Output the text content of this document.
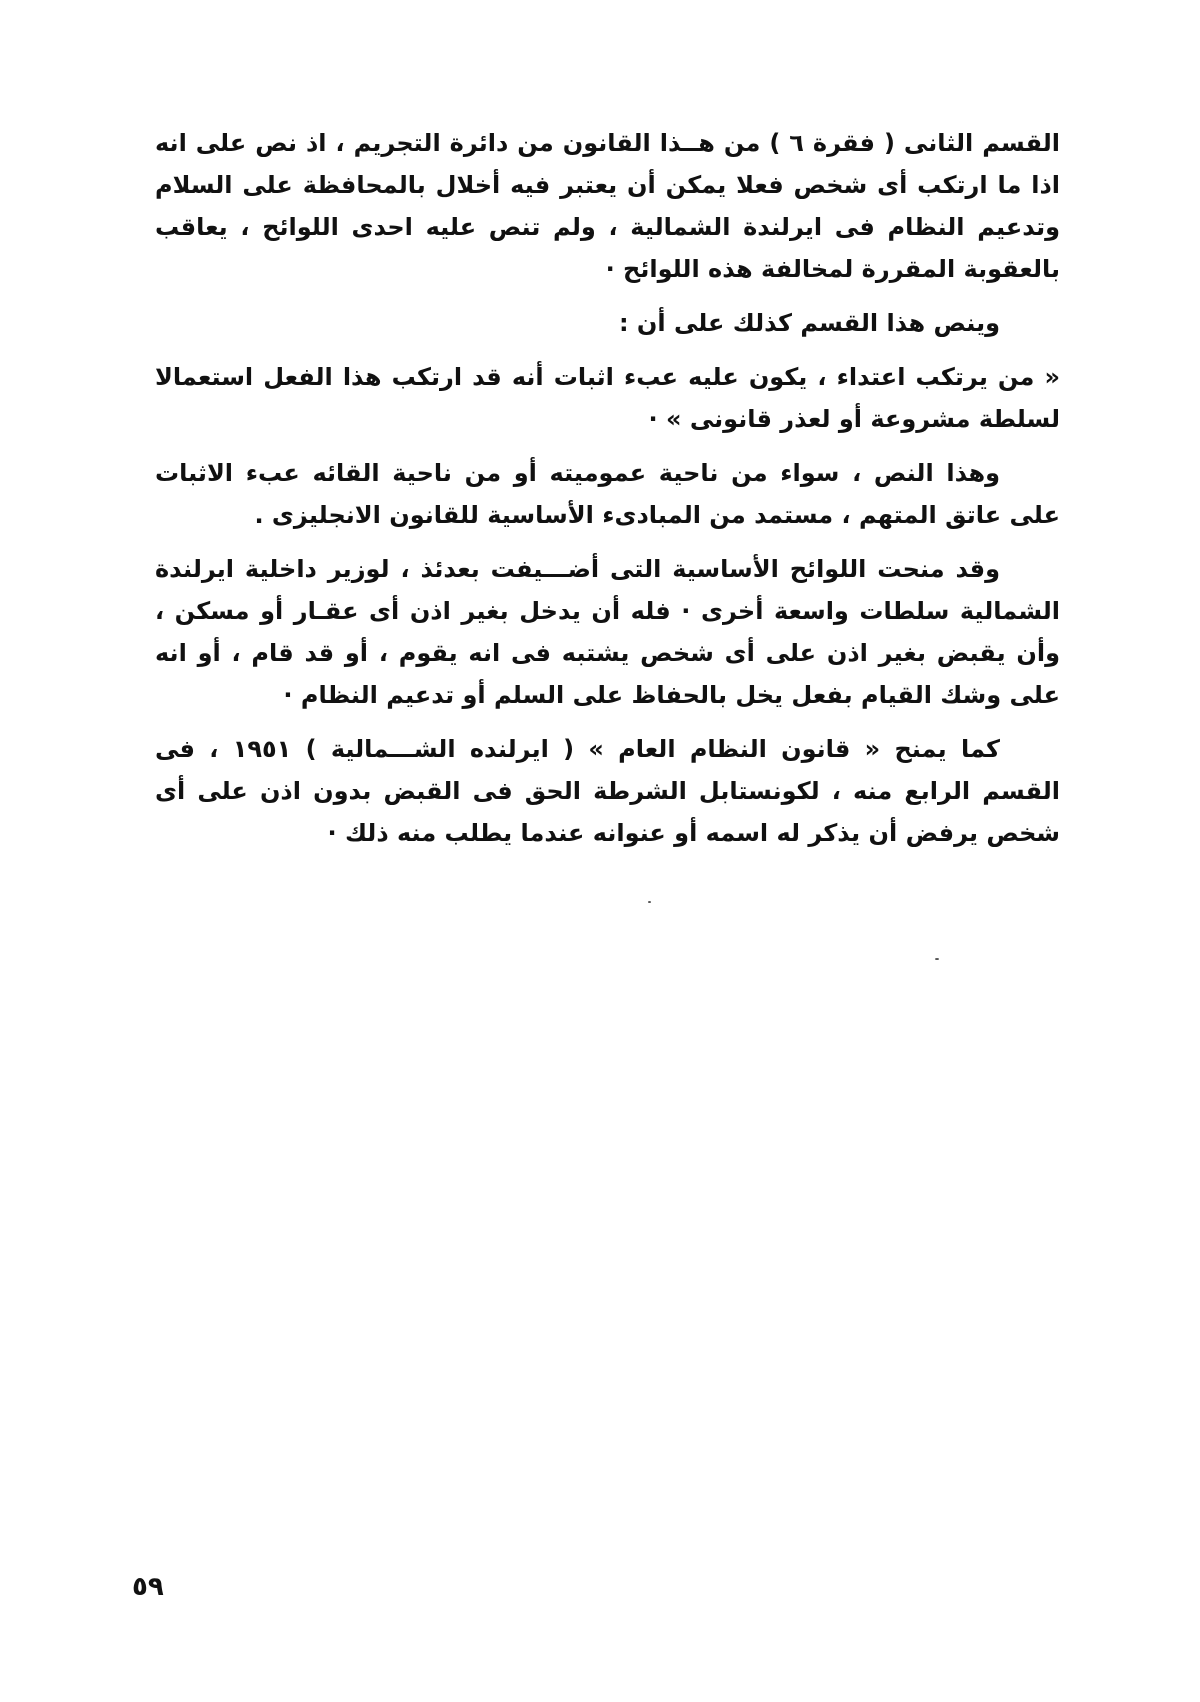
القسم الثانى ( فقرة ٦ ) من هــذا القانون من دائرة التجريم ، اذ نص على انه اذا ما ارتكب أى شخص فعلا يمكن أن يعتبر فيه أخلال بالمحافظة على السلام وتدعيم النظام فى ايرلندة الشمالية ، ولم تنص عليه احدى اللوائح ، يعاقب بالعقوبة المقررة لمخالفة هذه اللوائح ·

وينص هذا القسم كذلك على أن :

« من يرتكب اعتداء ، يكون عليه عبء اثبات أنه قد ارتكب هذا الفعل استعمالا لسلطة مشروعة أو لعذر قانونى » ·

وهذا النص ، سواء من ناحية عموميته أو من ناحية القائه عبء الاثبات على عاتق المتهم ، مستمد من المبادىء الأساسية للقانون الانجليزى .

وقد منحت اللوائح الأساسية التى أضـــيفت بعدئذ ، لوزير داخلية ايرلندة الشمالية سلطات واسعة أخرى · فله أن يدخل بغير اذن أى عقـار أو مسكن ، وأن يقبض بغير اذن على أى شخص يشتبه فى انه يقوم ، أو قد قام ، أو انه على وشك القيام بفعل يخل بالحفاظ على السلم أو تدعيم النظام ·

كما يمنح « قانون النظام العام » ( ايرلنده الشـــمالية ) ١٩٥١ ، فى القسم الرابع منه ، لكونستابل الشرطة الحق فى القبض بدون اذن على أى شخص يرفض أن يذكر له اسمه أو عنوانه عندما يطلب منه ذلك ·

٥٩
